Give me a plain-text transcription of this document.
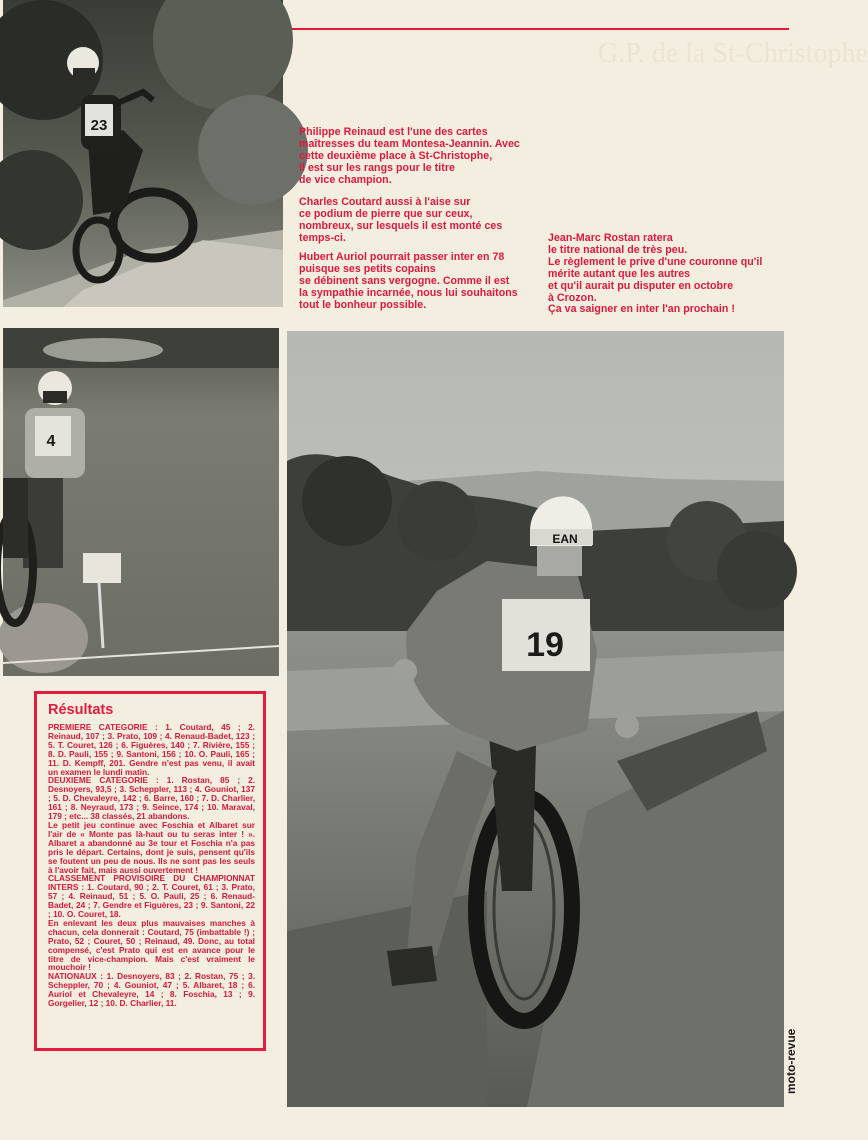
G.P. de la St-Christophe
23
4
19
EAN

Philippe Reinaud est l'une des cartes
maîtresses du team Montesa-Jeannin. Avec
cette deuxième place à St-Christophe,
il est sur les rangs pour le titre
de vice champion.

Charles Coutard aussi à l'aise sur
ce podium de pierre que sur ceux,
nombreux, sur lesquels il est monté ces
temps-ci.

Hubert Auriol pourrait passer inter en 78
puisque ses petits copains
se débinent sans vergogne. Comme il est
la sympathie incarnée, nous lui souhaitons
tout le bonheur possible.

Jean-Marc Rostan ratera
le titre national de très peu.
Le règlement le prive d'une couronne qu'il
mérite autant que les autres
et qu'il aurait pu disputer en octobre
à Crozon.
Ça va saigner en inter l'an prochain !

Résultats

PREMIERE CATEGORIE : 1. Coutard, 45 ; 2. Reinaud, 107 ; 3. Prato, 109 ; 4. Renaud-Badet, 123 ; 5. T. Couret, 126 ; 6. Figuères, 140 ; 7. Rivière, 155 ; 8. D. Pauli, 155 ; 9. Santoni, 156 ; 10. O. Pauli, 165 ; 11. D. Kempff, 201. Gendre n'est pas venu, il avait un examen le lundi matin.
DEUXIEME CATEGORIE : 1. Rostan, 85 ; 2. Desnoyers, 93,5 ; 3. Scheppler, 113 ; 4. Gouniot, 137 ; 5. D. Chevaleyre, 142 ; 6. Barre, 160 ; 7. D. Charlier, 161 ; 8. Neyraud, 173 ; 9. Seince, 174 ; 10. Maraval, 179 ; etc... 38 classés, 21 abandons.
Le petit jeu continue avec Foschia et Albaret sur l'air de « Monte pas là-haut ou tu seras inter ! ». Albaret a abandonné au 3e tour et Foschia n'a pas pris le départ. Certains, dont je suis, pensent qu'ils se foutent un peu de nous. Ils ne sont pas les seuls à l'avoir fait, mais aussi ouvertement !
CLASSEMENT PROVISOIRE DU CHAMPIONNAT INTERS : 1. Coutard, 90 ; 2. T. Couret, 61 ; 3. Prato, 57 ; 4. Reinaud, 51 ; 5. O. Pauli, 25 ; 6. Renaud-Badet, 24 ; 7. Gendre et Figuères, 23 ; 9. Santoni, 22 ; 10. O. Couret, 18.
En enlevant les deux plus mauvaises manches à chacun, cela donnerait : Coutard, 75 (imbattable !) ; Prato, 52 ; Couret, 50 ; Reinaud, 49. Donc, au total compensé, c'est Prato qui est en avance pour le titre de vice-champion. Mais c'est vraiment le mouchoir !
NATIONAUX : 1. Desnoyers, 83 ; 2. Rostan, 75 ; 3. Scheppler, 70 ; 4. Gouniot, 47 ; 5. Albaret, 18 ; 6. Auriol et Chevaleyre, 14 ; 8. Foschia, 13 ; 9. Gorgelier, 12 ; 10. D. Charlier, 11.

moto-revue
